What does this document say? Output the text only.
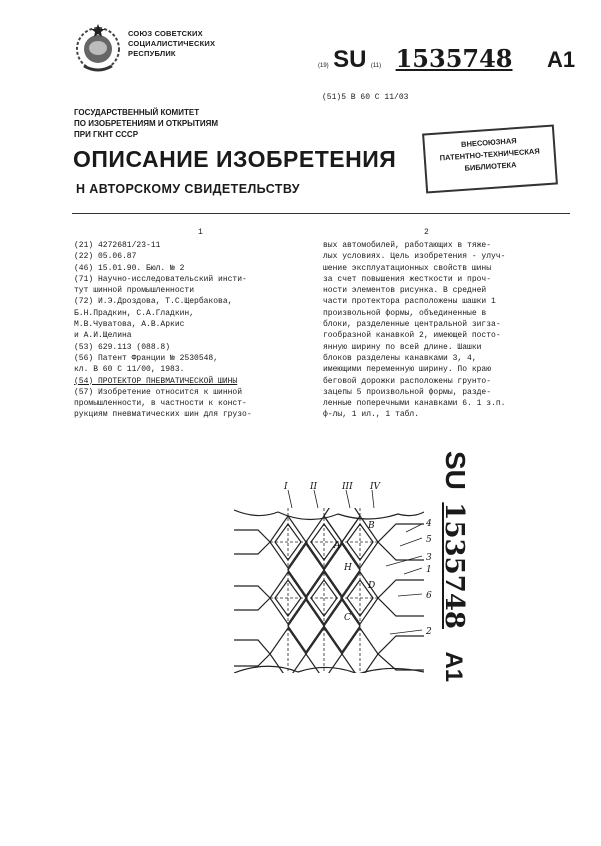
СОЮЗ СОВЕТСКИХ
СОЦИАЛИСТИЧЕСКИХ
РЕСПУБЛИК
(19) SU (11) 1535748 A1
(51)5 В 60 С 11/03
ГОСУДАРСТВЕННЫЙ КОМИТЕТ
ПО ИЗОБРЕТЕНИЯМ И ОТКРЫТИЯМ
ПРИ ГКНТ СССР
ОПИСАНИЕ ИЗОБРЕТЕНИЯ
Н АВТОРСКОМУ СВИДЕТЕЛЬСТВУ
ВНЕСОЮЗНАЯ
ПАТЕНТНО-ТЕХНИЧЕСКАЯ
БИБЛИОТЕКА
1	2
(21) 4272681/23-11
(22) 05.06.87
(46) 15.01.90. Бюл. № 2
(71) Научно-исследовательский инсти-
тут шинной промышленности
(72) И.Э.Дроздова, Т.С.Щербакова,
Б.Н.Прадкин, С.А.Гладкин,
М.В.Чуватова, А.В.Аркис
и А.И.Щелина
(53) 629.113 (088.8)
(56) Патент Франции № 2530548,
кл. В 60 С 11/00, 1983.
(54) ПРОТЕКТОР ПНЕВМАТИЧЕСКОЙ ШИНЫ
(57) Изобретение относится к шинной
промышленности, в частности к конст-
рукциям пневматических шин для грузо-
вых автомобилей, работающих в тяже-
лых условиях. Цель изобретения - улуч-
шение эксплуатационных свойств шины
за счет повышения жесткости и проч-
ности элементов рисунка. В средней
части протектора расположены шашки 1
произвольной формы, объединенные в
блоки, разделенные центральной зигза-
гообразной канавкой 2, имеющей посто-
янную ширину по всей длине. Шашки
блоков разделены канавками 3, 4,
имеющими переменную ширину. По краю
беговой дорожки расположены грунто-
зацепы 5 произвольной формы, разде-
ленные поперечными канавками 6. 1 з.п.
ф-лы, 1 ил., 1 табл.
SU 1535748 A1
I II	III IV
B
A
H
D
C
4
5
3
1
6
2
